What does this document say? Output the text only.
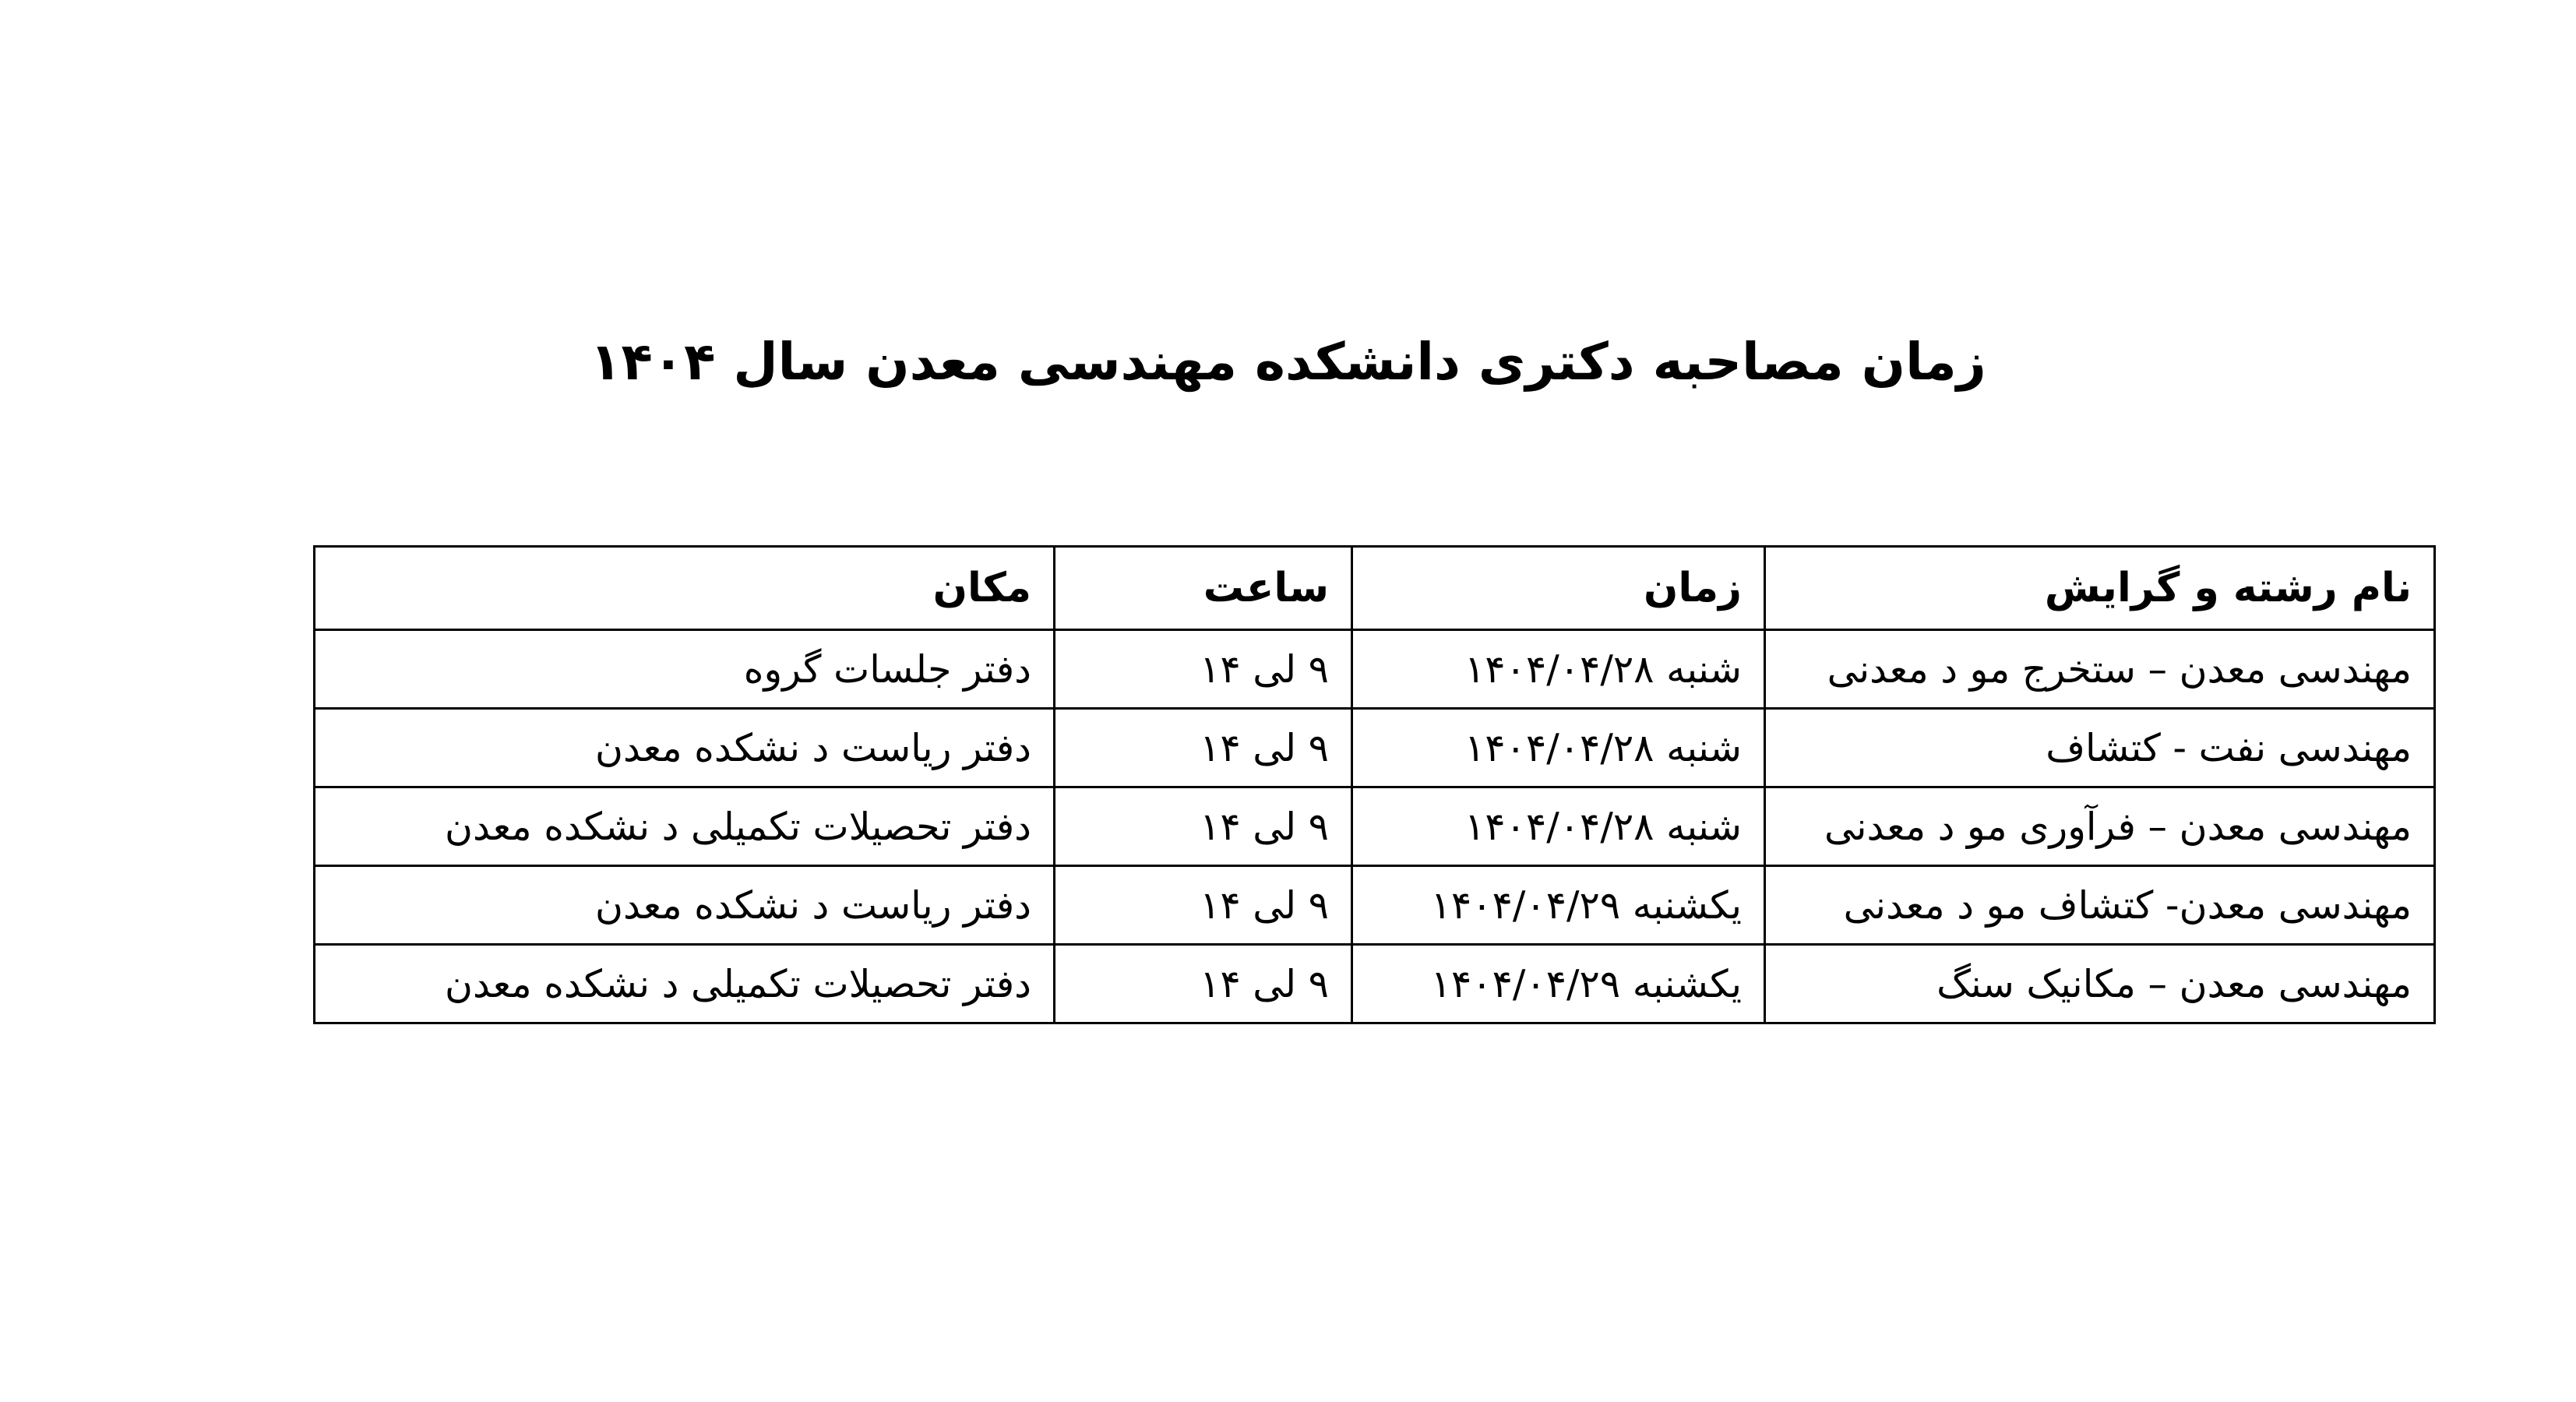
زمان مصاحبه دکتری دانشکده مهندسی معدن سال ۱۴۰۴
نام رشته و گرایش	زمان	ساعت	مکان
مهندسی معدن – ستخرج مو د معدنی	شنبه ۱۴۰۴/۰۴/۲۸	۹ لی ۱۴	دفتر جلسات گروه
مهندسی نفت - کتشاف	شنبه ۱۴۰۴/۰۴/۲۸	۹ لی ۱۴	دفتر ریاست د نشکده معدن
مهندسی معدن – فرآوری مو د معدنی	شنبه ۱۴۰۴/۰۴/۲۸	۹ لی ۱۴	دفتر تحصیلات تکمیلی د نشکده معدن
مهندسی معدن- کتشاف مو د معدنی	یکشنبه ۱۴۰۴/۰۴/۲۹	۹ لی ۱۴	دفتر ریاست د نشکده معدن
مهندسی معدن – مکانیک سنگ	یکشنبه ۱۴۰۴/۰۴/۲۹	۹ لی ۱۴	دفتر تحصیلات تکمیلی د نشکده معدن
